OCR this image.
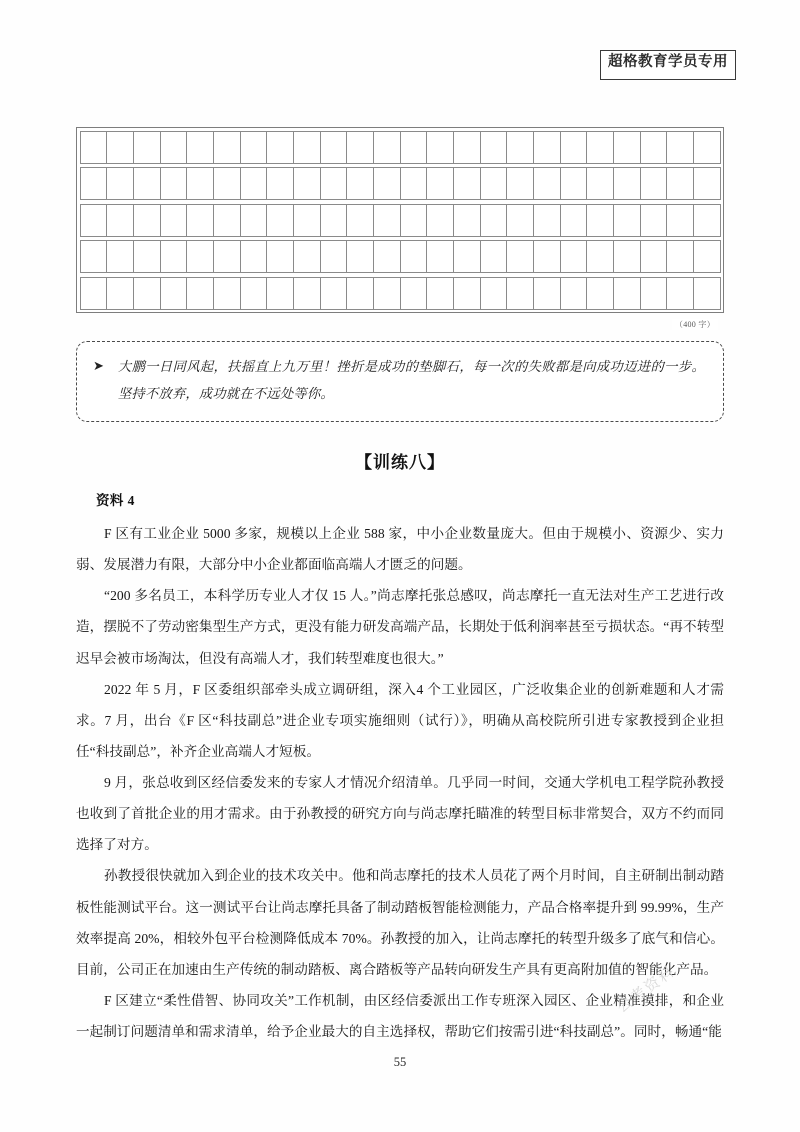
超格教育学员专用
（400 字）
➤	大鹏一日同风起，扶摇直上九万里！挫折是成功的垫脚石，每一次的失败都是向成功迈进的一步。坚持不放弃，成功就在不远处等你。
【训练八】
资料 4

F 区有工业企业 5000 多家，规模以上企业 588 家，中小企业数量庞大。但由于规模小、资源少、实力弱、发展潜力有限，大部分中小企业都面临高端人才匮乏的问题。

“200 多名员工，本科学历专业人才仅 15 人。”尚志摩托张总感叹，尚志摩托一直无法对生产工艺进行改造，摆脱不了劳动密集型生产方式，更没有能力研发高端产品，长期处于低利润率甚至亏损状态。“再不转型迟早会被市场淘汰，但没有高端人才，我们转型难度也很大。”

2022 年 5 月，F 区委组织部牵头成立调研组，深入4 个工业园区，广泛收集企业的创新难题和人才需求。7 月，出台《F 区“科技副总”进企业专项实施细则（试行）》，明确从高校院所引进专家教授到企业担任“科技副总”，补齐企业高端人才短板。

9 月，张总收到区经信委发来的专家人才情况介绍清单。几乎同一时间，交通大学机电工程学院孙教授也收到了首批企业的用才需求。由于孙教授的研究方向与尚志摩托瞄准的转型目标非常契合，双方不约而同选择了对方。

孙教授很快就加入到企业的技术攻关中。他和尚志摩托的技术人员花了两个月时间，自主研制出制动踏板性能测试平台。这一测试平台让尚志摩托具备了制动踏板智能检测能力，产品合格率提升到 99.99%，生产效率提高 20%，相较外包平台检测降低成本 70%。孙教授的加入，让尚志摩托的转型升级多了底气和信心。目前，公司正在加速由生产传统的制动踏板、离合踏板等产品转向研发生产具有更高附加值的智能化产品。

F 区建立“柔性借智、协同攻关”工作机制，由区经信委派出工作专班深入园区、企业精准摸排，和企业一起制订问题清单和需求清单，给予企业最大的自主选择权，帮助它们按需引进“科技副总”。同时，畅通“能

公考资料
55
